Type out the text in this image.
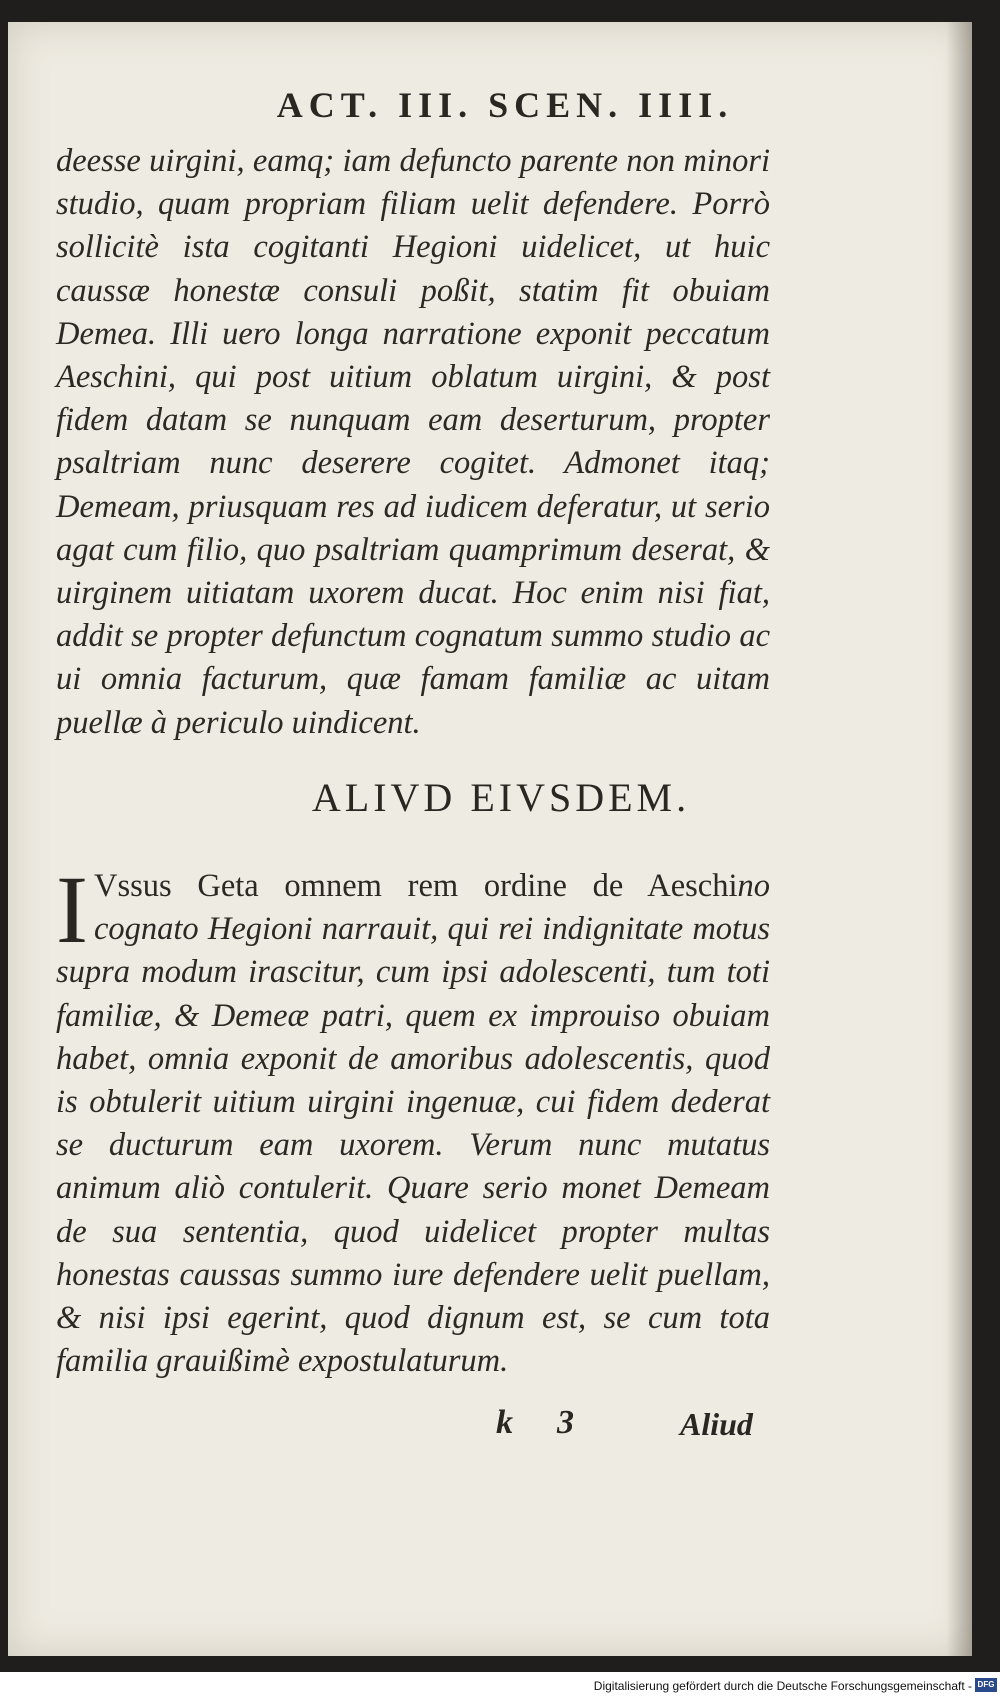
ACT. III. SCEN. IIII.

deesse uirgini, eamq; iam defuncto parente non minori studio, quam propriam filiam uelit defendere. Porrò sollicitè ista cogitanti Hegioni uidelicet, ut huic caussæ honestæ consuli poßit, statim fit obuiam Demea. Illi uero longa narratione exponit peccatum Aeschini, qui post uitium oblatum uirgini, & post fidem datam se nunquam eam deserturum, propter psaltriam nunc deserere cogitet. Admonet itaq; Demeam, priusquam res ad iudicem deferatur, ut serio agat cum filio, quo psaltriam quamprimum deserat, & uirginem uitiatam uxorem ducat. Hoc enim nisi fiat, addit se propter defunctum cognatum summo studio ac ui omnia facturum, quæ famam familiæ ac uitam puellæ à periculo uindicent.

ALIVD EIVSDEM.

I Vssus Geta omnem rem ordine de Aeschino cognato Hegioni narrauit, qui rei indignitate motus supra modum irascitur, cum ipsi adolescenti, tum toti familiæ, & Demeæ patri, quem ex improuiso obuiam habet, omnia exponit de amoribus adolescentis, quod is obtulerit uitium uirgini ingenuæ, cui fidem dederat se ducturum eam uxorem. Verum nunc mutatus animum aliò contulerit. Quare serio monet Demeam de sua sententia, quod uidelicet propter multas honestas caussas summo iure defendere uelit puellam, & nisi ipsi egerint, quod dignum est, se cum tota familia grauißimè expostulaturum.

k 3	Aliud
Digitalisierung gefördert durch die Deutsche Forschungsgemeinschaft - DFG
